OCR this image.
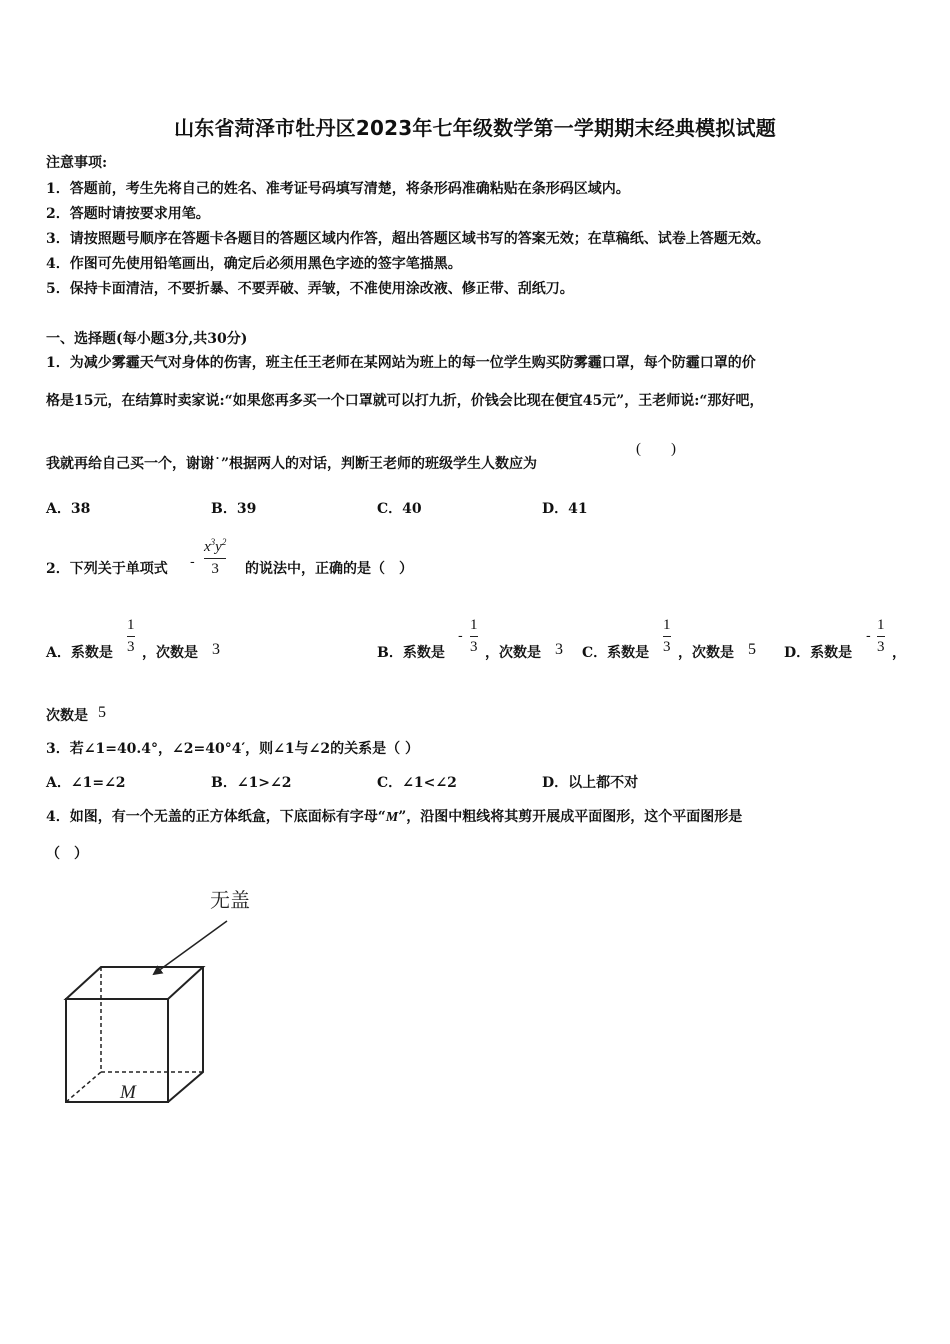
山东省菏泽市牡丹区2023年七年级数学第一学期期末经典模拟试题
注意事项:
1．答题前，考生先将自己的姓名、准考证号码填写清楚，将条形码准确粘贴在条形码区域内。
2．答题时请按要求用笔。
3．请按照题号顺序在答题卡各题目的答题区域内作答，超出答题区域书写的答案无效；在草稿纸、试卷上答题无效。
4．作图可先使用铅笔画出，确定后必须用黑色字迹的签字笔描黑。
5．保持卡面清洁，不要折暴、不要弄破、弄皱，不准使用涂改液、修正带、刮纸刀。
一、选择题(每小题3分,共30分)
1．为减少雾霾天气对身体的伤害，班主任王老师在某网站为班上的每一位学生购买防雾霾口罩，每个防霾口罩的价
格是15元，在结算时卖家说:“如果您再多买一个口罩就可以打九折，价钱会比现在便宜45元”，王老师说:“那好吧，
我就再给自己买一个，谢谢˙”根据两人的对话，判断王老师的班级学生人数应为
(　　)
A．38	B．39	C．40	D．41
2．下列关于单项式 -
$x^3y^2$
3 的说法中，正确的是（　）
A．系数是
1
3 ，次数是 3	B．系数是
-
1
3 ，次数是 3 C．系数是
1
3 ，次数是 5 D．系数是
-
1
3 ，
次数是 5
3．若∠1=40.4°，∠2=40°4′，则∠1与∠2的关系是（ ）
A．∠1=∠2	B．∠1>∠2	C．∠1<∠2	D．以上都不对
4．如图，有一个无盖的正方体纸盒，下底面标有字母“M”，沿图中粗线将其剪开展成平面图形，这个平面图形是
（　）
无盖
M
